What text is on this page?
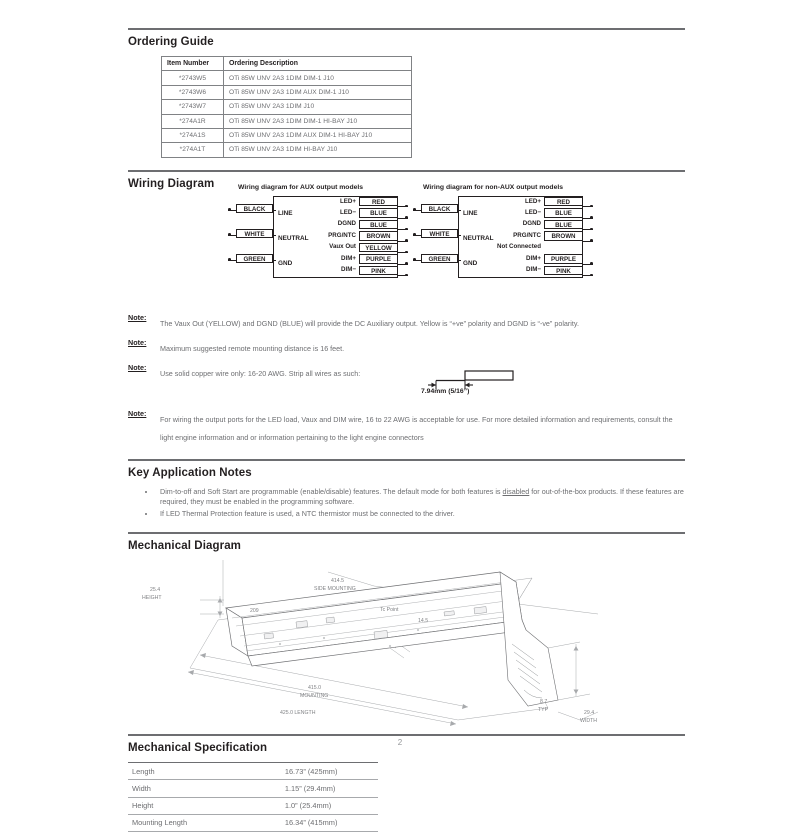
Ordering Guide
Item Number	Ordering Description
*2743W5	OTi 85W UNV 2A3 1DIM DIM-1 J10
*2743W6	OTi 85W UNV 2A3 1DIM AUX DIM-1 J10
*2743W7	OTi 85W UNV 2A3 1DIM J10
*274A1R	OTi 85W UNV 2A3 1DIM DIM-1 HI-BAY J10
*274A1S	OTi 85W UNV 2A3 1DIM AUX DIM-1 HI-BAY J10
*274A1T	OTi 85W UNV 2A3 1DIM HI-BAY J10
Wiring Diagram	Wiring diagram for AUX output models
BLACK
LINE
WHITE
NEUTRAL
GREEN
GND
LED+	RED
LED−	BLUE
DGND	BLUE
PRG/NTC	BROWN
Vaux Out	YELLOW
DIM+	PURPLE
DIM−	PINK
Wiring diagram for non-AUX output models
BLACK
LINE
WHITE
NEUTRAL
GREEN
GND
LED+	RED
LED−	BLUE
DGND	BLUE
PRG/NTC	BROWN
Not Connected
DIM+	PURPLE
DIM−	PINK
Note:
The Vaux Out (YELLOW) and DGND (BLUE) will provide the DC Auxiliary output. Yellow is “+ve” polarity and DGND is “-ve” polarity.
Note:
Maximum suggested remote mounting distance is 16 feet.
Note:
Use solid copper wire only: 16-20 AWG. Strip all wires as such:
7.94mm (5/16”)
Note:
For wiring the output ports for the LED load, Vaux and DIM wire, 16 to 22 AWG is acceptable for use. For more detailed information and requirements, consult the light engine information and or information pertaining to the light engine connectors
Key Application Notes
• Dim-to-off and Soft Start are programmable (enable/disable) features. The default mode for both features is disabled for out-of-the-box products. If these features are required, they must be enabled in the programming software.
• If LED Thermal Protection feature is used, a NTC thermistor must be connected to the driver.
Mechanical Diagram
25.4
HEIGHT
414.5
SIDE MOUNTING
209	Tc Point
14.5
415.0
MOUNTING
425.0 LENGTH
8.7
TYP	29.4
WIDTH
Mechanical Specification
Length	16.73” (425mm)
Width	1.15” (29.4mm)
Height	1.0” (25.4mm)
Mounting Length	16.34” (415mm)
2
